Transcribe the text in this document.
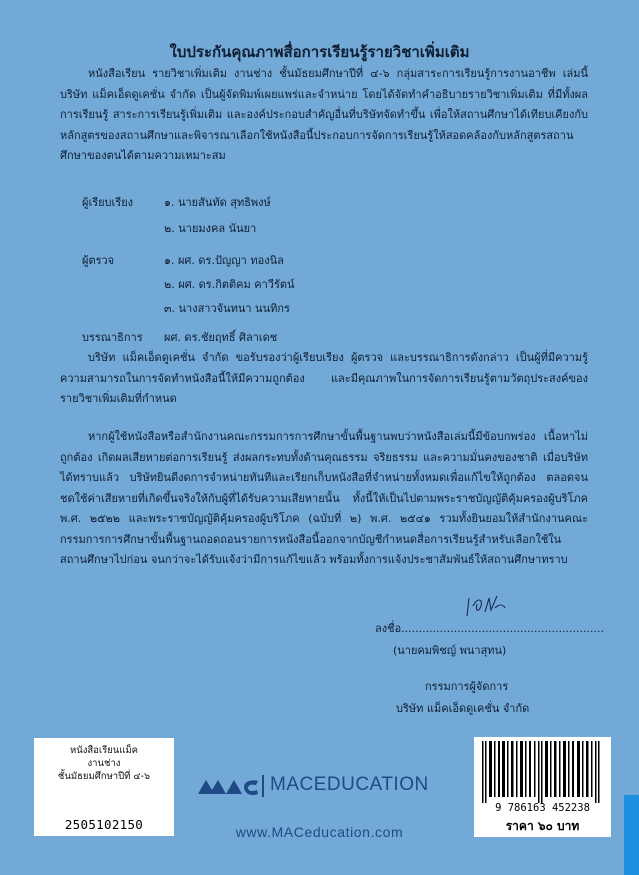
ใบประกันคุณภาพสื่อการเรียนรู้รายวิชาเพิ่มเติม
หนังสือเรียน รายวิชาเพิ่มเติม งานช่าง ชั้นมัธยมศึกษาปีที่ ๔-๖ กลุ่มสาระการเรียนรู้การงานอาชีพ เล่มนี้ บริษัท แม็คเอ็ดดูเคชั่น จำกัด เป็นผู้จัดพิมพ์เผยแพร่และจำหน่าย โดยได้จัดทำคำอธิบายรายวิชาเพิ่มเติม ที่มีทั้งผลการเรียนรู้ สาระการเรียนรู้เพิ่มเติม และองค์ประกอบสำคัญอื่นที่บริษัทจัดทำขึ้น เพื่อให้สถานศึกษาได้เทียบเคียงกับหลักสูตรของสถานศึกษาและพิจารณาเลือกใช้หนังสือนี้ประกอบการจัดการเรียนรู้ให้สอดคล้องกับหลักสูตรสถานศึกษาของตนได้ตามความเหมาะสม
ผู้เรียบเรียง	๑. นายสันทัด สุทธิพงษ์
๒. นายมงคล นันยา
ผู้ตรวจ	๑. ผศ. ดร.ปัญญา ทองนิล
๒. ผศ. ดร.กิตติคม คาวีรัตน์
๓. นางสาวจันทนา นนทิกร
บรรณาธิการ	ผศ. ดร.ชัยฤทธิ์ ศิลาเดช
บริษัท แม็คเอ็ดดูเคชั่น จำกัด ขอรับรองว่าผู้เรียบเรียง ผู้ตรวจ และบรรณาธิการดังกล่าว เป็นผู้ที่มีความรู้ความสามารถในการจัดทำหนังสือนี้ให้มีความถูกต้อง และมีคุณภาพในการจัดการเรียนรู้ตามวัตถุประสงค์ของรายวิชาเพิ่มเติมที่กำหนด
หากผู้ใช้หนังสือหรือสำนักงานคณะกรรมการการศึกษาขั้นพื้นฐานพบว่าหนังสือเล่มนี้มีข้อบกพร่อง เนื้อหาไม่ถูกต้อง เกิดผลเสียหายต่อการเรียนรู้ ส่งผลกระทบทั้งด้านคุณธรรม จริยธรรม และความมั่นคงของชาติ เมื่อบริษัทได้ทราบแล้ว บริษัทยินดีงดการจำหน่ายทันทีและเรียกเก็บหนังสือที่จำหน่ายทั้งหมดเพื่อแก้ไขให้ถูกต้อง ตลอดจนชดใช้ค่าเสียหายที่เกิดขึ้นจริงให้กับผู้ที่ได้รับความเสียหายนั้น ทั้งนี้ให้เป็นไปตามพระราชบัญญัติคุ้มครองผู้บริโภค พ.ศ. ๒๕๒๒ และพระราชบัญญัติคุ้มครองผู้บริโภค (ฉบับที่ ๒) พ.ศ. ๒๕๔๑ รวมทั้งยินยอมให้สำนักงานคณะกรรมการการศึกษาขั้นพื้นฐานถอดถอนรายการหนังสือนี้ออกจากบัญชีกำหนดสื่อการเรียนรู้สำหรับเลือกใช้ในสถานศึกษาไปก่อน จนกว่าจะได้รับแจ้งว่ามีการแก้ไขแล้ว พร้อมทั้งการแจ้งประชาสัมพันธ์ให้สถานศึกษาทราบ
ลงชื่อ..........................................................
(นายคมพิชญ์ พนาสุทน)
กรรมการผู้จัดการ
บริษัท แม็คเอ็ดดูเคชั่น จำกัด
หนังสือเรียนแม็ค
งานช่าง
ชั้นมัธยมศึกษาปีที่ ๔-๖
2505102150
MACEDUCATION
www.MACeducation.com
9 786163 452238
ราคา ๖๐ บาท
